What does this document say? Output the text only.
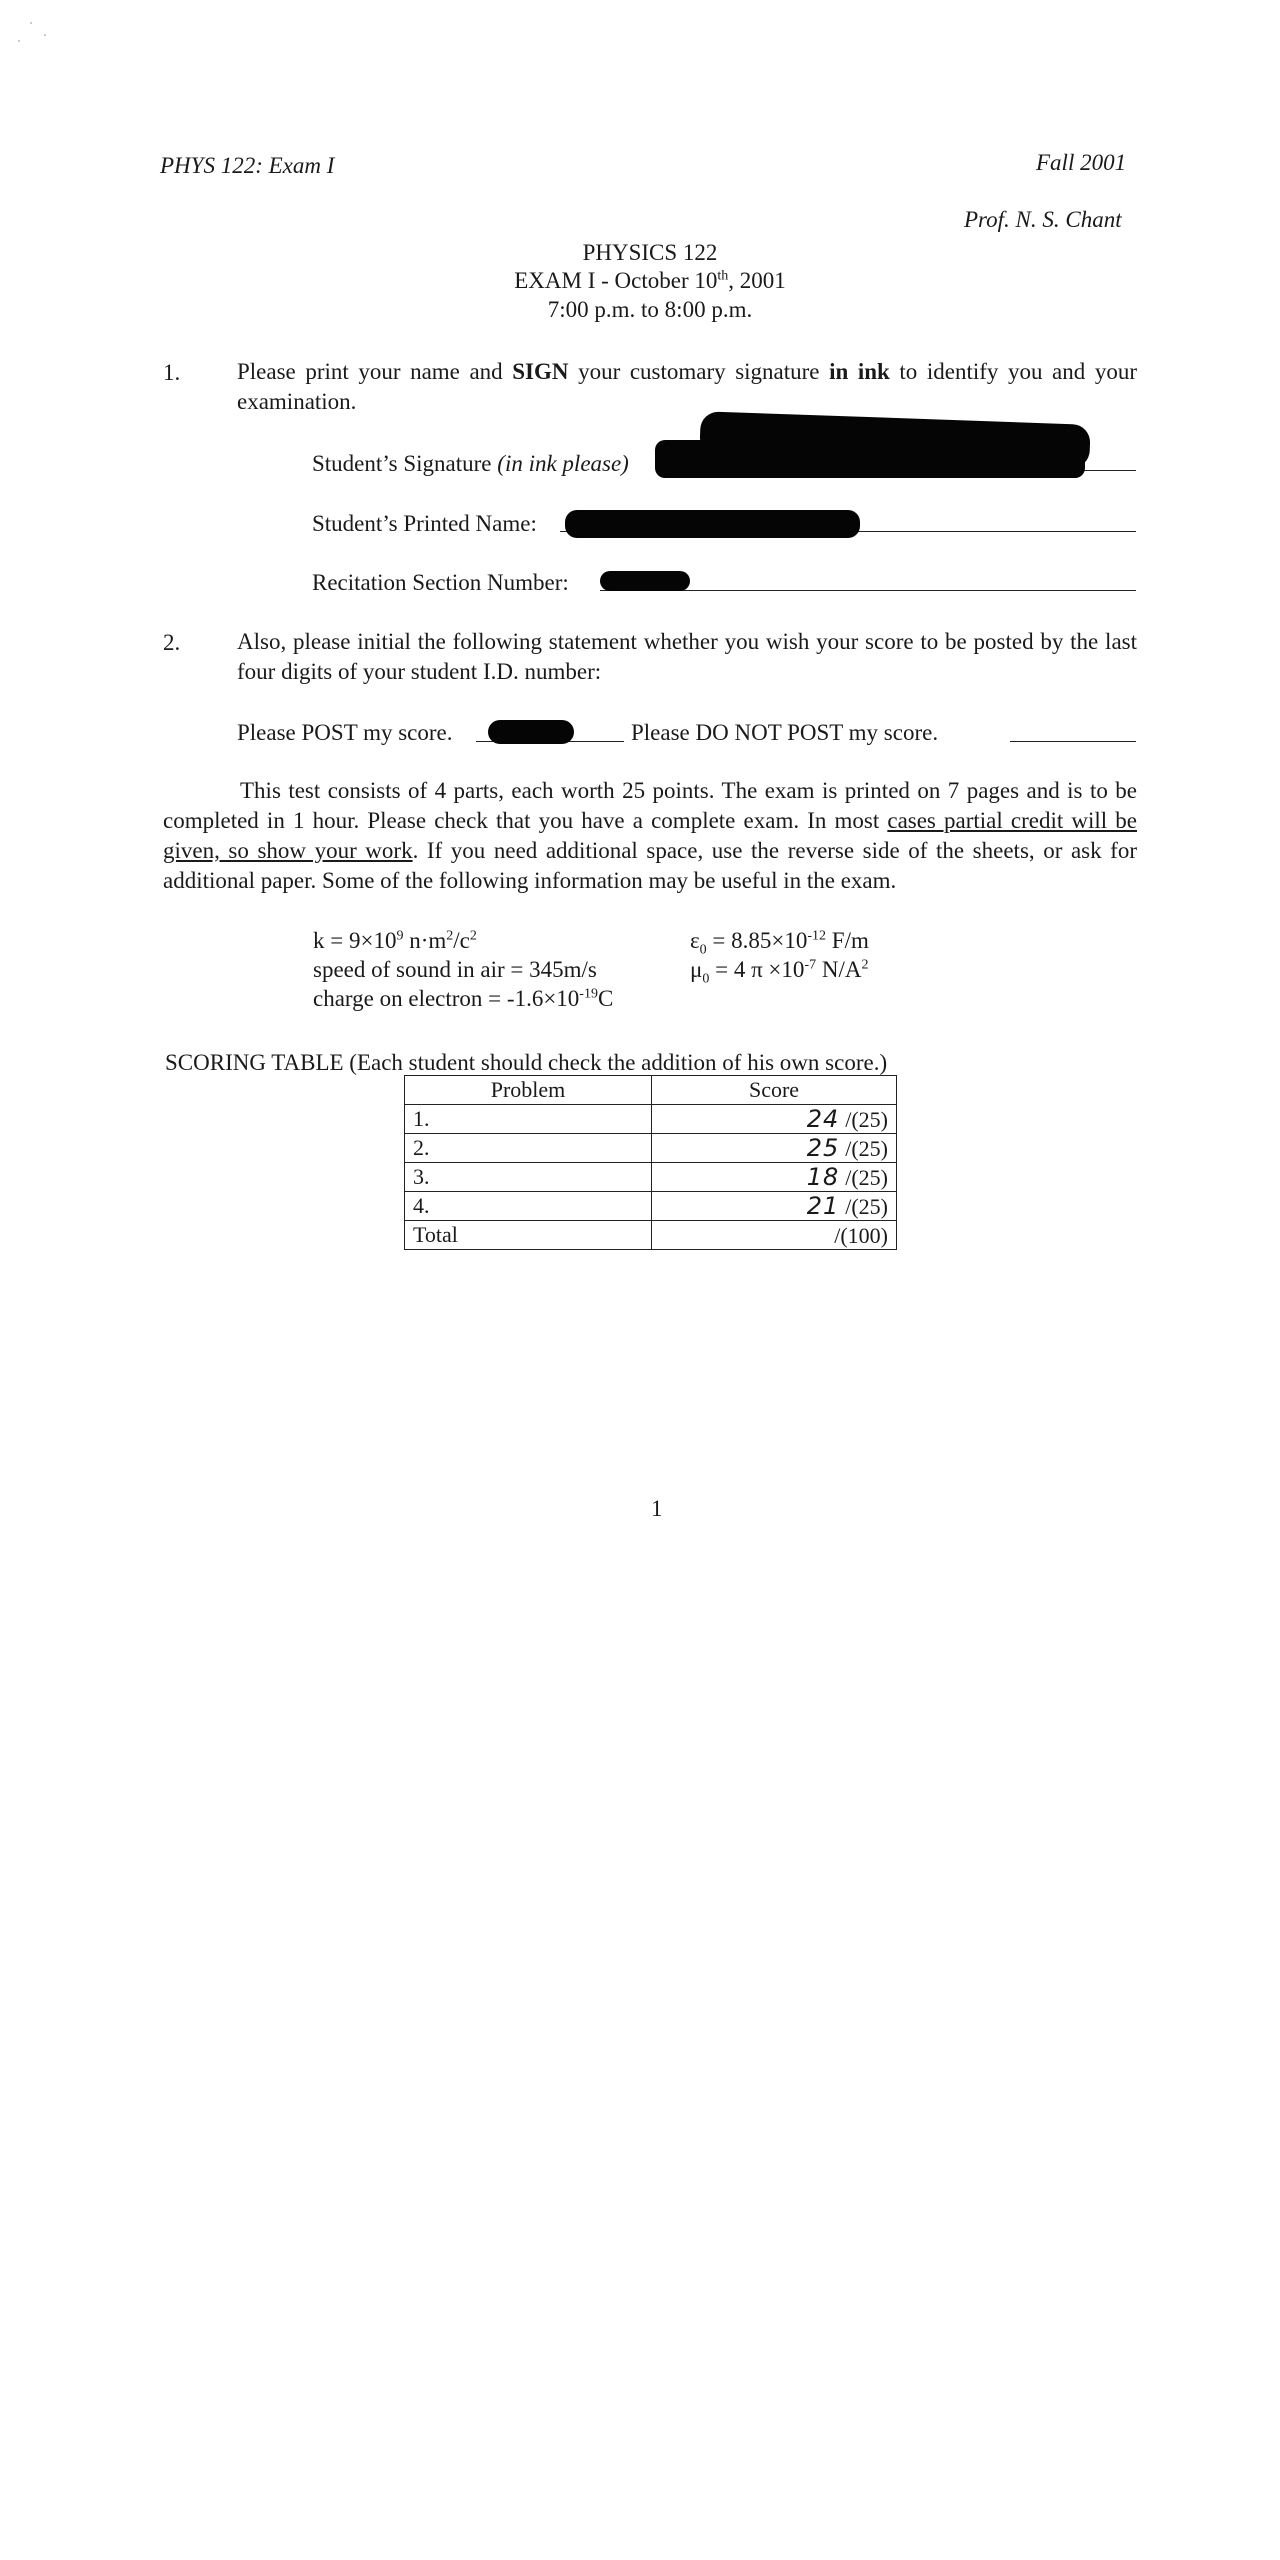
PHYS 122: Exam I	Fall 2001
Prof. N. S. Chant
PHYSICS 122
EXAM I - October 10th, 2001
7:00 p.m. to 8:00 p.m.
1. Please print your name and SIGN your customary signature in ink to identify you and your examination.
Student’s Signature (in ink please)
Student’s Printed Name:
Recitation Section Number:
2. Also, please initial the following statement whether you wish your score to be posted by the last four digits of your student I.D. number:
Please POST my score.	Please DO NOT POST my score.
This test consists of 4 parts, each worth 25 points. The exam is printed on 7 pages and is to be completed in 1 hour. Please check that you have a complete exam. In most cases partial credit will be given, so show your work. If you need additional space, use the reverse side of the sheets, or ask for additional paper. Some of the following information may be useful in the exam.
$k = 9\times 10^9$ $n\cdot m^2/c^2$
speed of sound in air = 345m/s
charge on electron = $-1.6\times 10^{-19}C$
$\varepsilon_0 = 8.85\times 10^{-12}$ F/m
$\mu_0 = 4$ $\pi \times 10^{-7}$ $N/A^2$
SCORING TABLE (Each student should check the addition of his own score.)
Problem	Score
1.	24 /(25)
2.	25 /(25)
3.	18 /(25)
4.	21 /(25)
Total	/(100)
1
